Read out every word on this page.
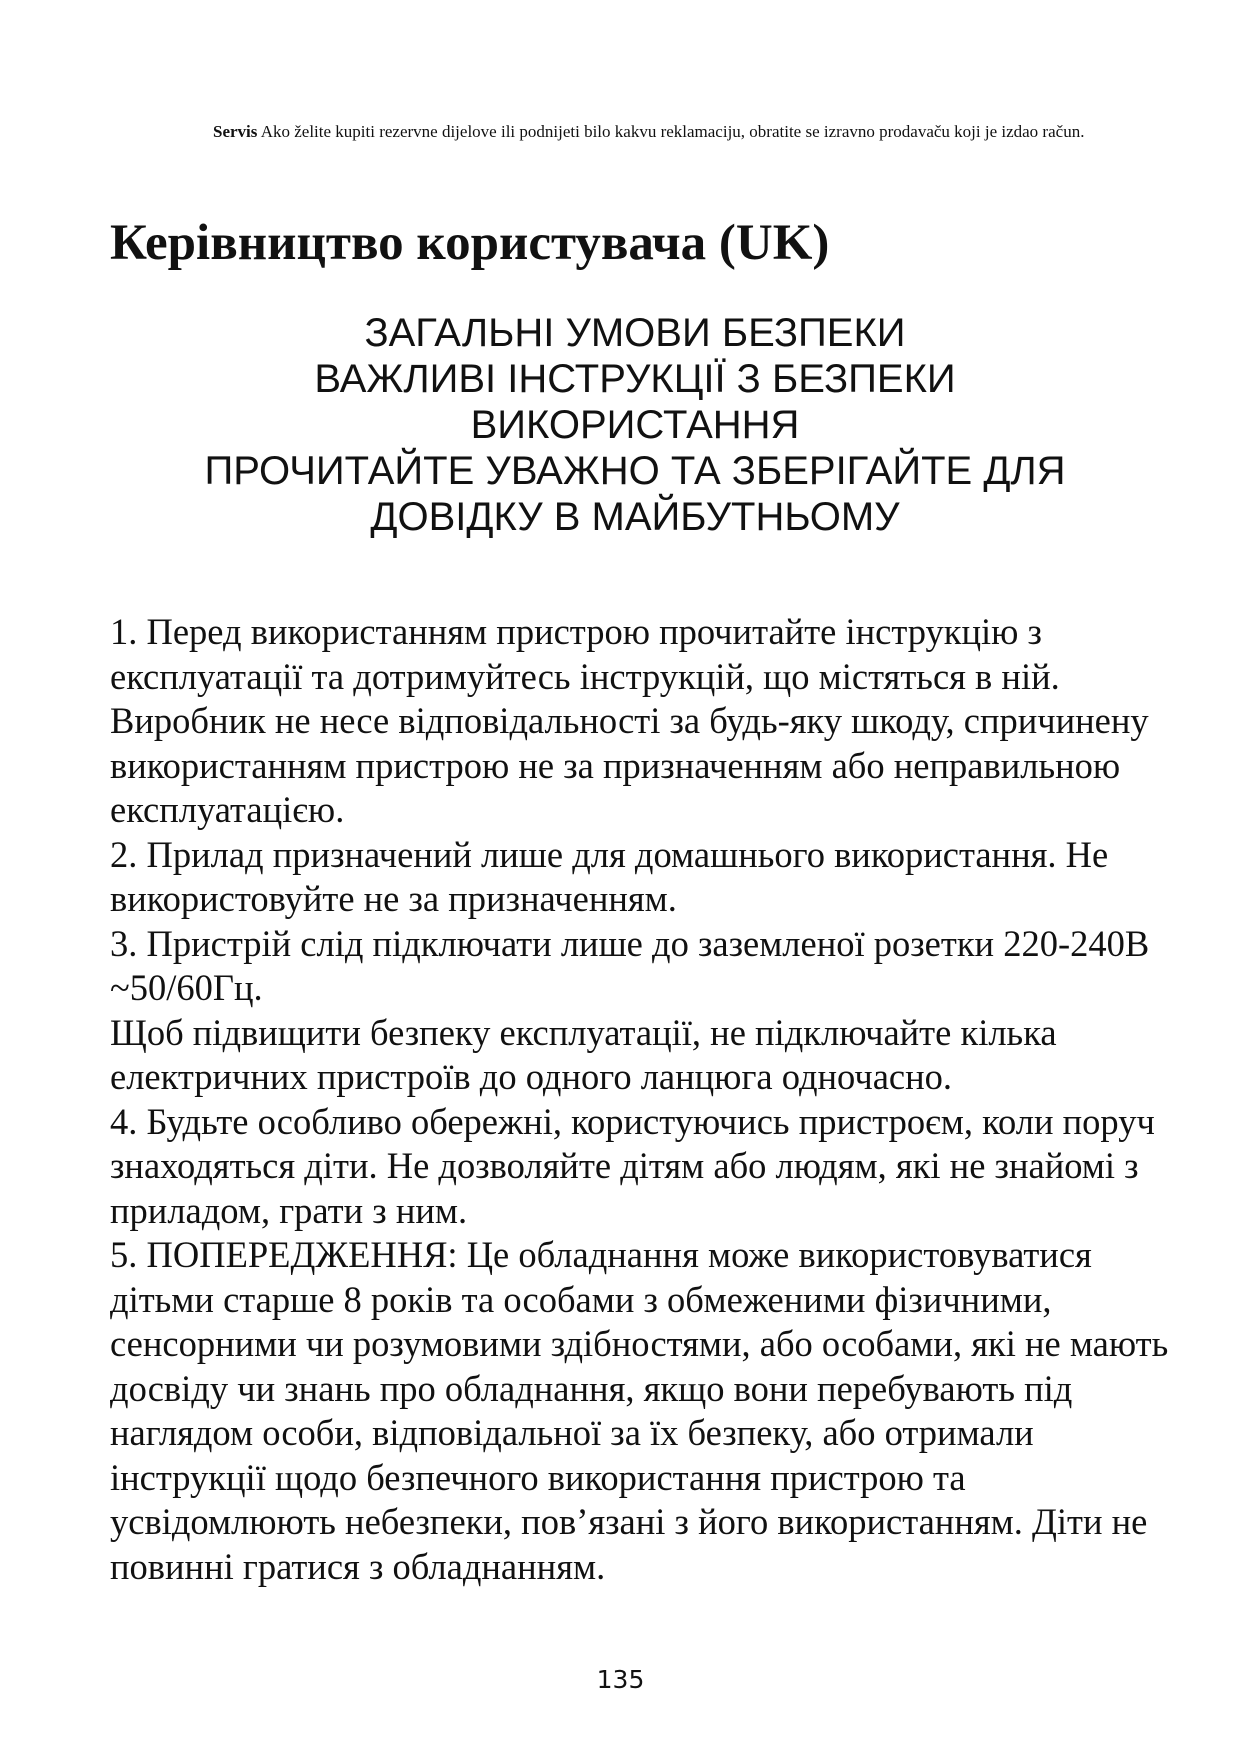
Servis Ako želite kupiti rezervne dijelove ili podnijeti bilo kakvu reklamaciju, obratite se izravno prodavaču koji je izdao račun.
Керівництво користувача (UK)
ЗАГАЛЬНІ УМОВИ БЕЗПЕКИ
ВАЖЛИВІ ІНСТРУКЦІЇ З БЕЗПЕКИ
ВИКОРИСТАННЯ
ПРОЧИТАЙТЕ УВАЖНО ТА ЗБЕРІГАЙТЕ ДЛЯ
ДОВІДКУ В МАЙБУТНЬОМУ

1. Перед використанням пристрою прочитайте інструкцію з експлуатації та дотримуйтесь інструкцій, що містяться в ній. Виробник не несе відповідальності за будь-яку шкоду, спричинену використанням пристрою не за призначенням або неправильною експлуатацією.

2. Прилад призначений лише для домашнього використання. Не використовуйте не за призначенням.

3. Пристрій слід підключати лише до заземленої розетки 220-240В ~50/60Гц.

Щоб підвищити безпеку експлуатації, не підключайте кілька електричних пристроїв до одного ланцюга одночасно.

4. Будьте особливо обережні, користуючись пристроєм, коли поруч знаходяться діти. Не дозволяйте дітям або людям, які не знайомі з приладом, грати з ним.

5. ПОПЕРЕДЖЕННЯ: Це обладнання може використовуватися дітьми старше 8 років та особами з обмеженими фізичними, сенсорними чи розумовими здібностями, або особами, які не мають досвіду чи знань про обладнання, якщо вони перебувають під наглядом особи, відповідальної за їх безпеку, або отримали інструкції щодо безпечного використання пристрою та усвідомлюють небезпеки, пов’язані з його використанням. Діти не повинні гратися з обладнанням.

135
